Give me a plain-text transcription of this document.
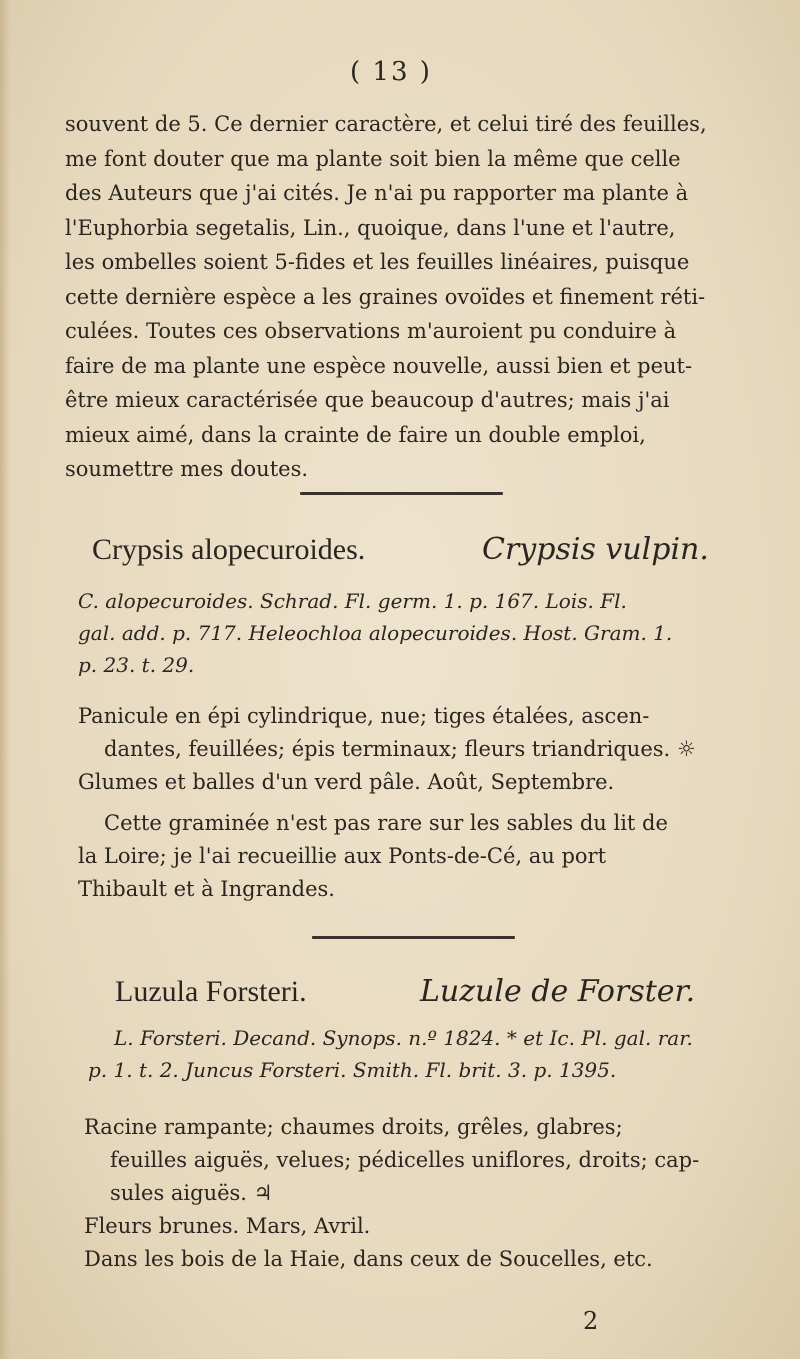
( 13 )
souvent de 5. Ce dernier caractère, et celui tiré des feuilles,
me font douter que ma plante soit bien la même que celle
des Auteurs que j'ai cités. Je n'ai pu rapporter ma plante à
l'Euphorbia segetalis, Lin., quoique, dans l'une et l'autre,
les ombelles soient 5-fides et les feuilles linéaires, puisque
cette dernière espèce a les graines ovoïdes et finement réti-
culées. Toutes ces observations m'auroient pu conduire à
faire de ma plante une espèce nouvelle, aussi bien et peut-
être mieux caractérisée que beaucoup d'autres; mais j'ai
mieux aimé, dans la crainte de faire un double emploi,
soumettre mes doutes.
Crypsis alopecuroides.	Crypsis vulpin.
C. alopecuroides. Schrad. Fl. germ. 1. p. 167. Lois. Fl.
gal. add. p. 717. Heleochloa alopecuroides. Host. Gram. 1.
p. 23. t. 29.
Panicule en épi cylindrique, nue; tiges étalées, ascen-
dantes, feuillées; épis terminaux; fleurs triandriques. ☼
Glumes et balles d'un verd pâle. Août, Septembre.
Cette graminée n'est pas rare sur les sables du lit de
la Loire; je l'ai recueillie aux Ponts-de-Cé, au port
Thibault et à Ingrandes.
Luzula Forsteri.	Luzule de Forster.
L. Forsteri. Decand. Synops. n.º 1824. * et Ic. Pl. gal. rar.
p. 1. t. 2. Juncus Forsteri. Smith. Fl. brit. 3. p. 1395.
Racine rampante; chaumes droits, grêles, glabres;
feuilles aiguës, velues; pédicelles uniflores, droits; cap-
sules aiguës. ♃
Fleurs brunes. Mars, Avril.
Dans les bois de la Haie, dans ceux de Soucelles, etc.
2
